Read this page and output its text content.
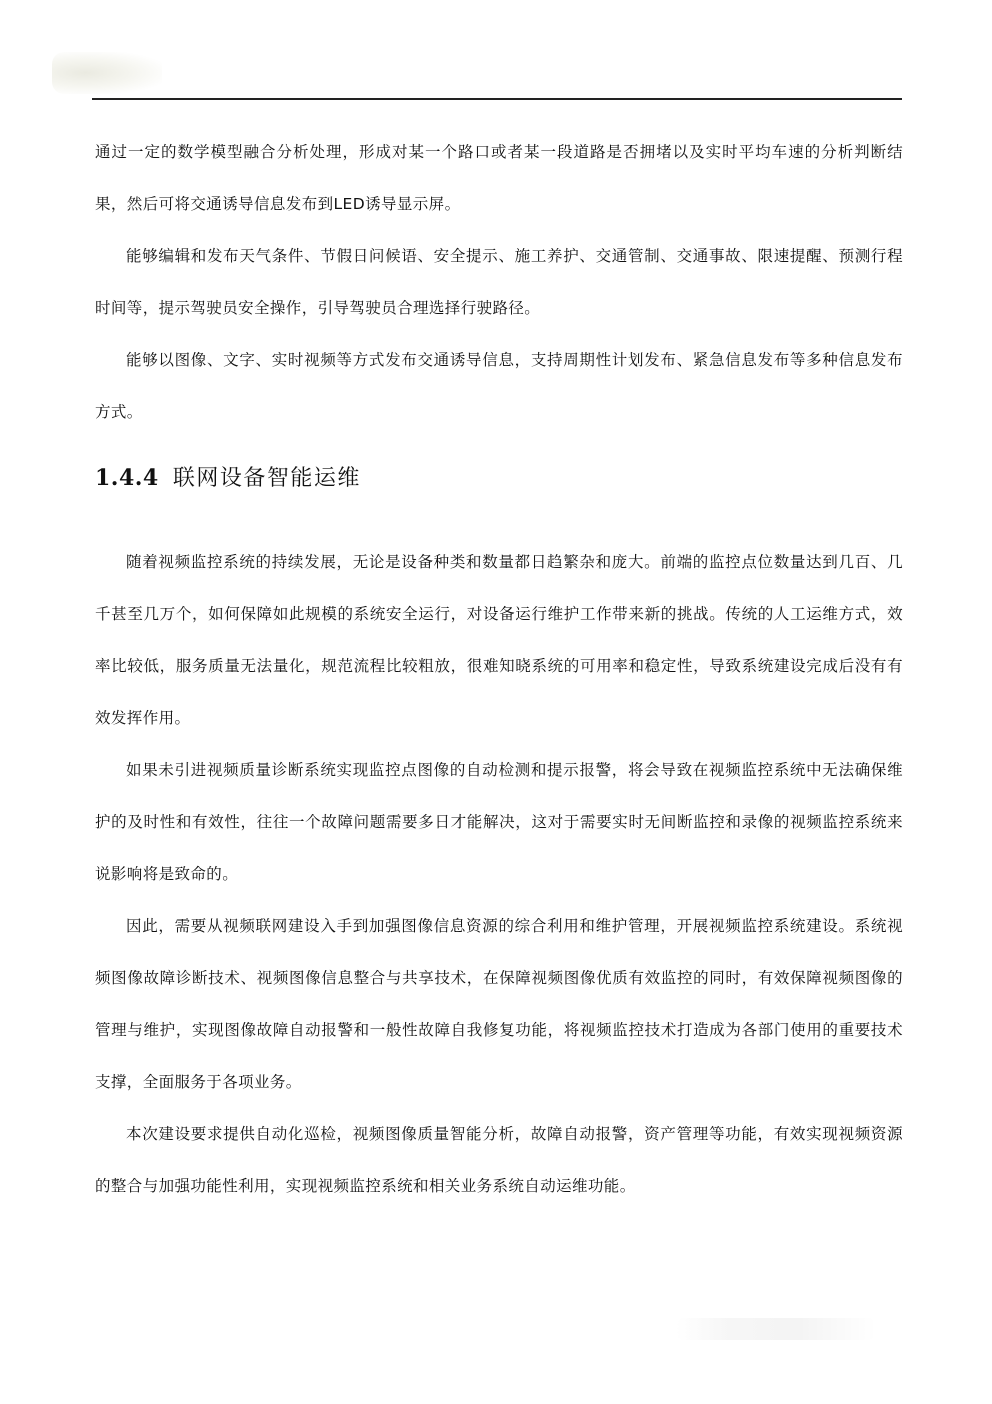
通过一定的数学模型融合分析处理，形成对某一个路口或者某一段道路是否拥堵以及实时平均车速的分析判断结果，然后可将交通诱导信息发布到LED诱导显示屏。

能够编辑和发布天气条件、节假日问候语、安全提示、施工养护、交通管制、交通事故、限速提醒、预测行程时间等，提示驾驶员安全操作，引导驾驶员合理选择行驶路径。

能够以图像、文字、实时视频等方式发布交通诱导信息，支持周期性计划发布、紧急信息发布等多种信息发布方式。

1.4.4 联网设备智能运维

随着视频监控系统的持续发展，无论是设备种类和数量都日趋繁杂和庞大。前端的监控点位数量达到几百、几千甚至几万个，如何保障如此规模的系统安全运行，对设备运行维护工作带来新的挑战。传统的人工运维方式，效率比较低，服务质量无法量化，规范流程比较粗放，很难知晓系统的可用率和稳定性，导致系统建设完成后没有有效发挥作用。

如果未引进视频质量诊断系统实现监控点图像的自动检测和提示报警，将会导致在视频监控系统中无法确保维护的及时性和有效性，往往一个故障问题需要多日才能解决，这对于需要实时无间断监控和录像的视频监控系统来说影响将是致命的。

因此，需要从视频联网建设入手到加强图像信息资源的综合利用和维护管理，开展视频监控系统建设。系统视频图像故障诊断技术、视频图像信息整合与共享技术，在保障视频图像优质有效监控的同时，有效保障视频图像的管理与维护，实现图像故障自动报警和一般性故障自我修复功能，将视频监控技术打造成为各部门使用的重要技术支撑，全面服务于各项业务。

本次建设要求提供自动化巡检，视频图像质量智能分析，故障自动报警，资产管理等功能，有效实现视频资源的整合与加强功能性利用，实现视频监控系统和相关业务系统自动运维功能。
